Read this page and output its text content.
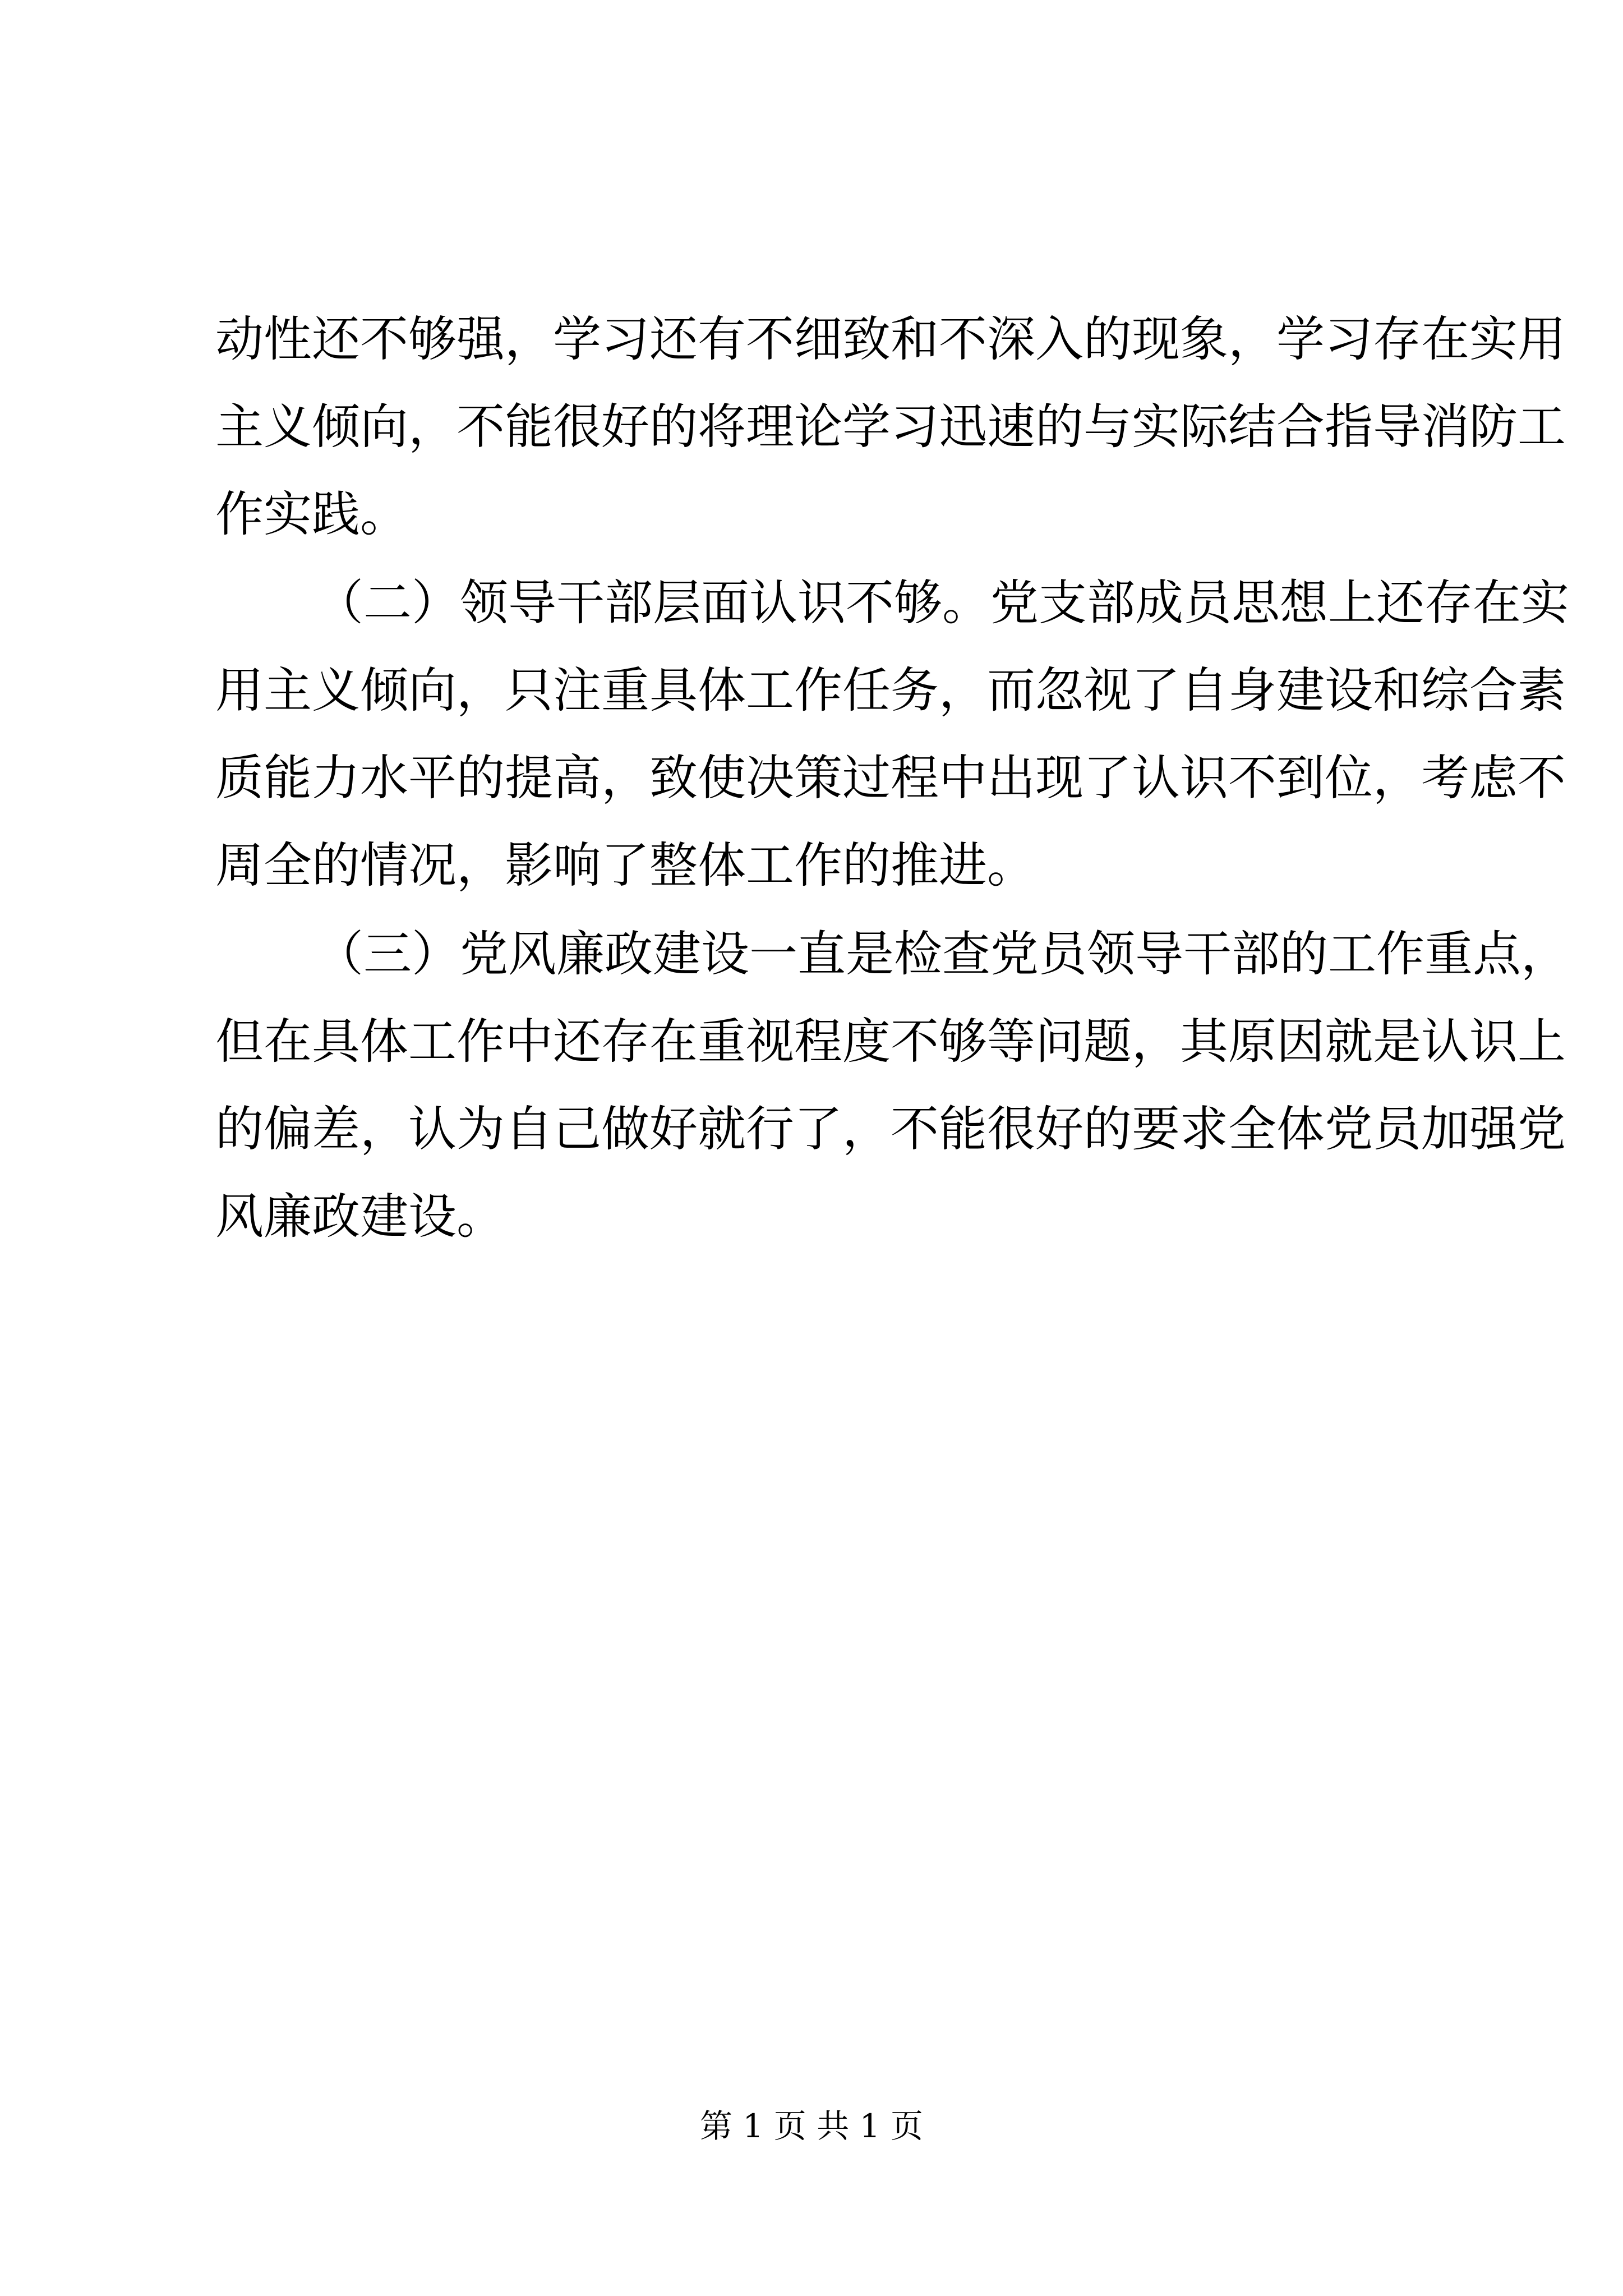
动性还不够强，学习还有不细致和不深入的现象，学习存在实用
主义倾向，不能很好的将理论学习迅速的与实际结合指导消防工
作实践。
（二）领导干部层面认识不够。党支部成员思想上还存在实
用主义倾向，只注重具体工作任务，而忽视了自身建设和综合素
质能力水平的提高，致使决策过程中出现了认识不到位，考虑不
周全的情况，影响了整体工作的推进。
（三）党风廉政建设一直是检查党员领导干部的工作重点，
但在具体工作中还存在重视程度不够等问题，其原因就是认识上
的偏差，认为自己做好就行了，不能很好的要求全体党员加强党
风廉政建设。
第 1 页 共 1 页
